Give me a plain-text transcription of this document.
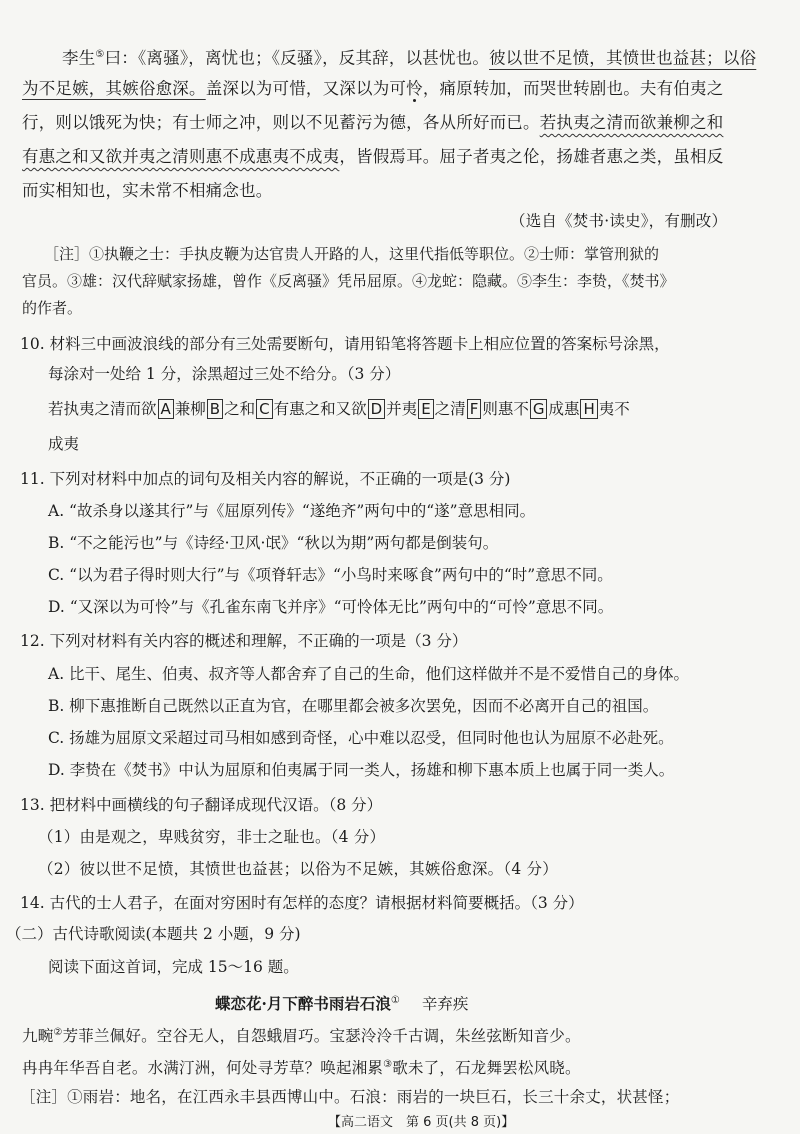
李生⑤曰：《离骚》，离忧也；《反骚》，反其辞，以甚忧也。彼以世不足愤，其愤世也益甚；以俗
为不足嫉，其嫉俗愈深。盖深以为可惜，又深以为可怜，痛原转加，而哭世转剧也。夫有伯夷之
行，则以饿死为快；有士师之冲，则以不见蓄污为德，各从所好而已。若执夷之清而欲兼柳之和
有惠之和又欲并夷之清则惠不成惠夷不成夷，皆假焉耳。屈子者夷之伦，扬雄者惠之类，虽相反
而实相知也，实未常不相痛念也。
（选自《焚书·读史》，有删改）
［注］①执鞭之士：手执皮鞭为达官贵人开路的人，这里代指低等职位。②士师：掌管刑狱的
官员。③雄：汉代辞赋家扬雄，曾作《反离骚》凭吊屈原。④龙蛇：隐藏。⑤李生：李贽，《焚书》
的作者。
10. 材料三中画波浪线的部分有三处需要断句，请用铅笔将答题卡上相应位置的答案标号涂黑，
每涂对一处给 1 分，涂黑超过三处不给分。（3 分）
若执夷之清而欲 A 兼柳 B 之和 C 有惠之和又欲 D 并夷 E 之清 F 则惠不 G 成惠 H 夷不
成夷
11. 下列对材料中加点的词句及相关内容的解说，不正确的一项是(3 分)
A. “故杀身以遂其行”与《屈原列传》“遂绝齐”两句中的“遂”意思相同。
B. “不之能污也”与《诗经·卫风·氓》“秋以为期”两句都是倒装句。
C. “以为君子得时则大行”与《项脊轩志》“小鸟时来啄食”两句中的“时”意思不同。
D. “又深以为可怜”与《孔雀东南飞并序》“可怜体无比”两句中的“可怜”意思不同。
12. 下列对材料有关内容的概述和理解，不正确的一项是（3 分）
A. 比干、尾生、伯夷、叔齐等人都舍弃了自己的生命，他们这样做并不是不爱惜自己的身体。
B. 柳下惠推断自己既然以正直为官，在哪里都会被多次罢免，因而不必离开自己的祖国。
C. 扬雄为屈原文采超过司马相如感到奇怪，心中难以忍受，但同时他也认为屈原不必赴死。
D. 李贽在《焚书》中认为屈原和伯夷属于同一类人，扬雄和柳下惠本质上也属于同一类人。
13. 把材料中画横线的句子翻译成现代汉语。（8 分）
（1）由是观之，卑贱贫穷，非士之耻也。（4 分）
（2）彼以世不足愤，其愤世也益甚；以俗为不足嫉，其嫉俗愈深。（4 分）
14. 古代的士人君子，在面对穷困时有怎样的态度？请根据材料简要概括。（3 分）
（二）古代诗歌阅读(本题共 2 小题，9 分)
阅读下面这首词，完成 15～16 题。
蝶恋花·月下醉书雨岩石浪① 辛弃疾
九畹②芳菲兰佩好。空谷无人，自怨蛾眉巧。宝瑟泠泠千古调，朱丝弦断知音少。
冉冉年华吾自老。水满汀洲，何处寻芳草？唤起湘累③歌未了，石龙舞罢松风晓。
［注］①雨岩：地名，在江西永丰县西博山中。石浪：雨岩的一块巨石，长三十余丈，状甚怪；
【高二语文　第 6 页(共 8 页)】
